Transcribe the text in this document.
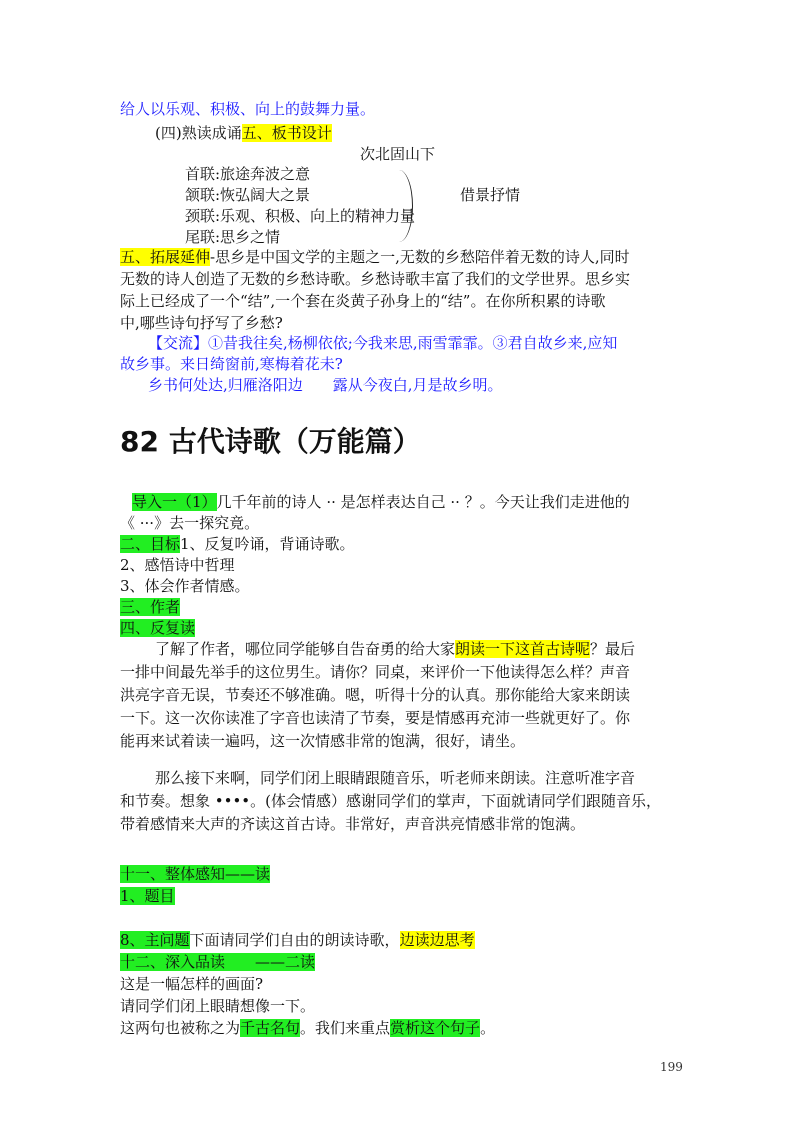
给人以乐观、积极、向上的鼓舞力量。
(四)熟读成诵五、板书设计
次北固山下
首联:旅途奔波之意
颔联:恢弘阔大之景
颈联:乐观、积极、向上的精神力量
尾联:思乡之情
借景抒情
五、拓展延伸-思乡是中国文学的主题之一,无数的乡愁陪伴着无数的诗人,同时
无数的诗人创造了无数的乡愁诗歌。乡愁诗歌丰富了我们的文学世界。思乡实
际上已经成了一个“结”,一个套在炎黄子孙身上的“结”。在你所积累的诗歌
中,哪些诗句抒写了乡愁?
【交流】①昔我往矣,杨柳依依;今我来思,雨雪霏霏。③君自故乡来,应知
故乡事。来日绮窗前,寒梅着花未?
乡书何处达,归雁洛阳边 露从今夜白,月是故乡明。
82 古代诗歌（万能篇）
导入一（1）几千年前的诗人 ·· 是怎样表达自己 ·· ？。今天让我们走进他的
《 ···》去一探究竟。
二、目标1、反复吟诵，背诵诗歌。
2、感悟诗中哲理
3、体会作者情感。
三、作者
四、反复读
了解了作者，哪位同学能够自告奋勇的给大家朗读一下这首古诗呢？最后
一排中间最先举手的这位男生。请你？同桌，来评价一下他读得怎么样？声音
洪亮字音无误，节奏还不够准确。嗯，听得十分的认真。那你能给大家来朗读
一下。这一次你读准了字音也读清了节奏，要是情感再充沛一些就更好了。你
能再来试着读一遍吗，这一次情感非常的饱满，很好，请坐。
那么接下来啊，同学们闭上眼睛跟随音乐，听老师来朗读。注意听准字音
和节奏。想象 ••••。(体会情感）感谢同学们的掌声，下面就请同学们跟随音乐，
带着感情来大声的齐读这首古诗。非常好，声音洪亮情感非常的饱满。
十一、整体感知——读
1、题目
8、主问题下面请同学们自由的朗读诗歌，边读边思考
十二、深入品读　　——二读
这是一幅怎样的画面?
请同学们闭上眼睛想像一下。
这两句也被称之为千古名句。我们来重点赏析这个句子。
199
